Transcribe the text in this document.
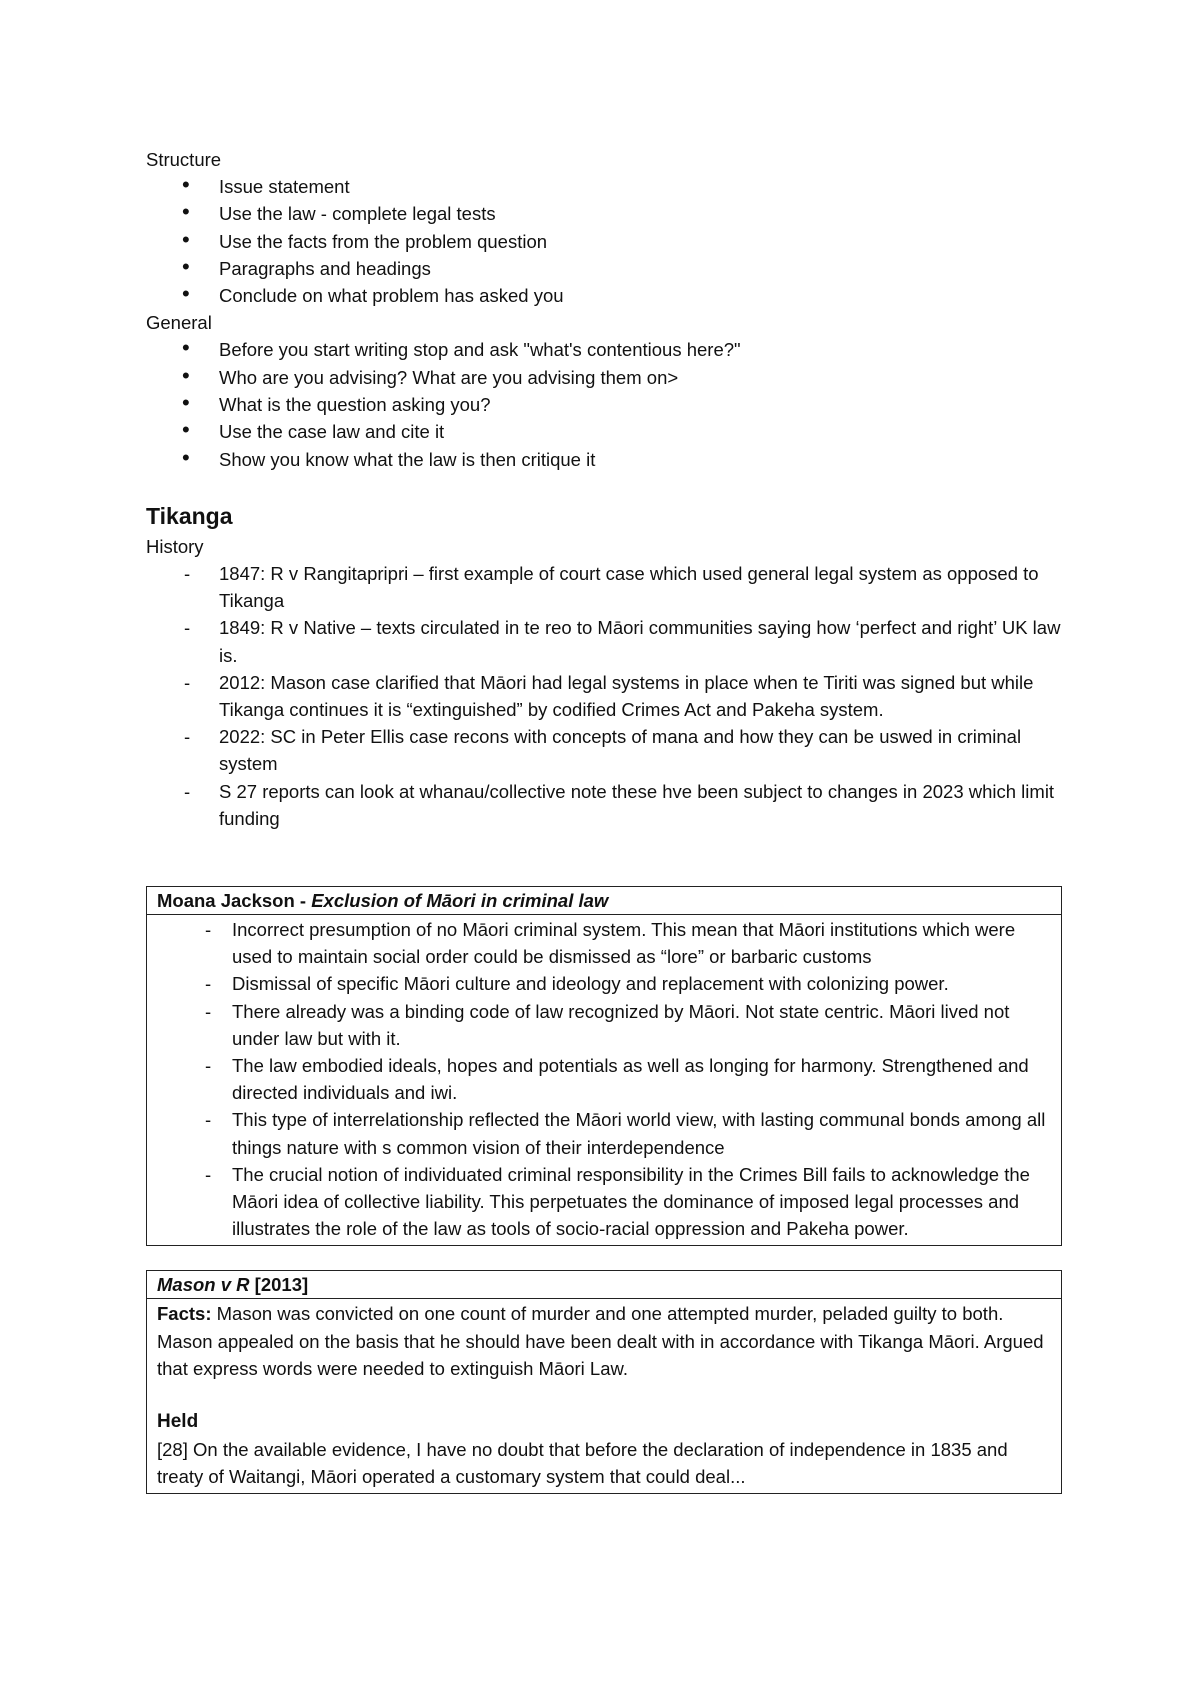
Structure
• Issue statement
• Use the law - complete legal tests
• Use the facts from the problem question
• Paragraphs and headings
• Conclude on what problem has asked you
General
• Before you start writing stop and ask "what's contentious here?"
• Who are you advising? What are you advising them on>
• What is the question asking you?
• Use the case law and cite it
• Show you know what the law is then critique it
Tikanga
History
- 1847: R v Rangitapripri – first example of court case which used general legal system as opposed to Tikanga
- 1849: R v Native – texts circulated in te reo to Māori communities saying how ‘perfect and right’ UK law is.
- 2012: Mason case clarified that Māori had legal systems in place when te Tiriti was signed but while Tikanga continues it is “extinguished” by codified Crimes Act and Pakeha system.
- 2022: SC in Peter Ellis case recons with concepts of mana and how they can be uswed in criminal system
- S 27 reports can look at whanau/collective note these hve been subject to changes in 2023 which limit funding
Moana Jackson - Exclusion of Māori in criminal law
- Incorrect presumption of no Māori criminal system. This mean that Māori institutions which were used to maintain social order could be dismissed as “lore” or barbaric customs
- Dismissal of specific Māori culture and ideology and replacement with colonizing power.
- There already was a binding code of law recognized by Māori. Not state centric. Māori lived not under law but with it.
- The law embodied ideals, hopes and potentials as well as longing for harmony. Strengthened and directed individuals and iwi.
- This type of interrelationship reflected the Māori world view, with lasting communal bonds among all things nature with s common vision of their interdependence
- The crucial notion of individuated criminal responsibility in the Crimes Bill fails to acknowledge the Māori idea of collective liability. This perpetuates the dominance of imposed legal processes and illustrates the role of the law as tools of socio-racial oppression and Pakeha power.
Mason v R [2013]

Facts: Mason was convicted on one count of murder and one attempted murder, peladed guilty to both. Mason appealed on the basis that he should have been dealt with in accordance with Tikanga Māori. Argued that express words were needed to extinguish Māori Law.

Held

[28] On the available evidence, I have no doubt that before the declaration of independence in 1835 and treaty of Waitangi, Māori operated a customary system that could deal...
